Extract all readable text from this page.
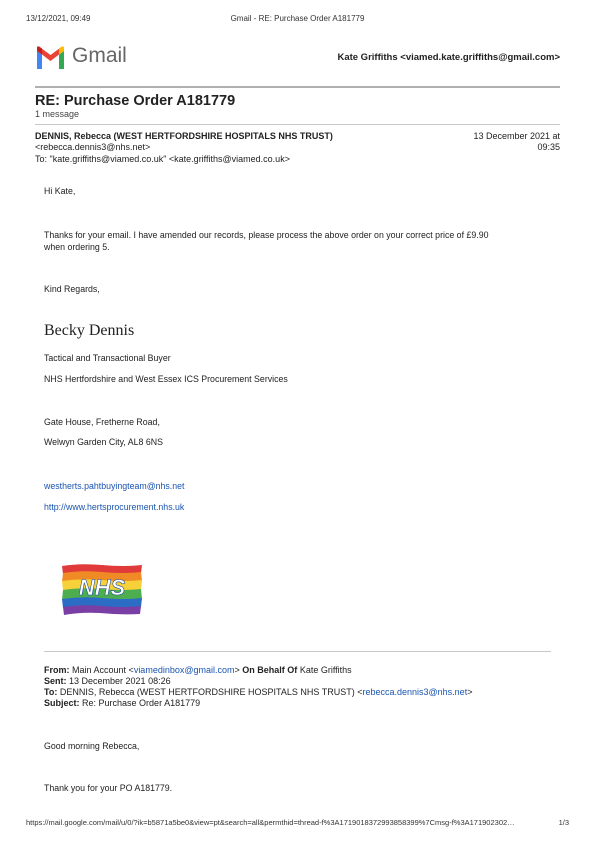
13/12/2021, 09:49	Gmail - RE: Purchase Order A181779
Gmail	Kate Griffiths <viamed.kate.griffiths@gmail.com>
RE: Purchase Order A181779
1 message
DENNIS, Rebecca (WEST HERTFORDSHIRE HOSPITALS NHS TRUST)
<rebecca.dennis3@nhs.net>
To: "kate.griffiths@viamed.co.uk" <kate.griffiths@viamed.co.uk>
13 December 2021 at
09:35
Hi Kate,
Thanks for your email. I have amended our records, please process the above order on your correct price of £9.90
when ordering 5.
Kind Regards,
Becky Dennis
Tactical and Transactional Buyer
NHS Hertfordshire and West Essex ICS Procurement Services
Gate House, Fretherne Road,
Welwyn Garden City, AL8 6NS
westherts.pahtbuyingteam@nhs.net
http://www.hertsprocurement.nhs.uk
NHS
From: Main Account <viamedinbox@gmail.com> On Behalf Of Kate Griffiths
Sent: 13 December 2021 08:26
To: DENNIS, Rebecca (WEST HERTFORDSHIRE HOSPITALS NHS TRUST) <rebecca.dennis3@nhs.net>
Subject: Re: Purchase Order A181779
Good morning Rebecca,
Thank you for your PO A181779.
https://mail.google.com/mail/u/0/?ik=b5871a5be0&view=pt&search=all&permthid=thread-f%3A1719018372993858399%7Cmsg-f%3A171902302…	1/3
